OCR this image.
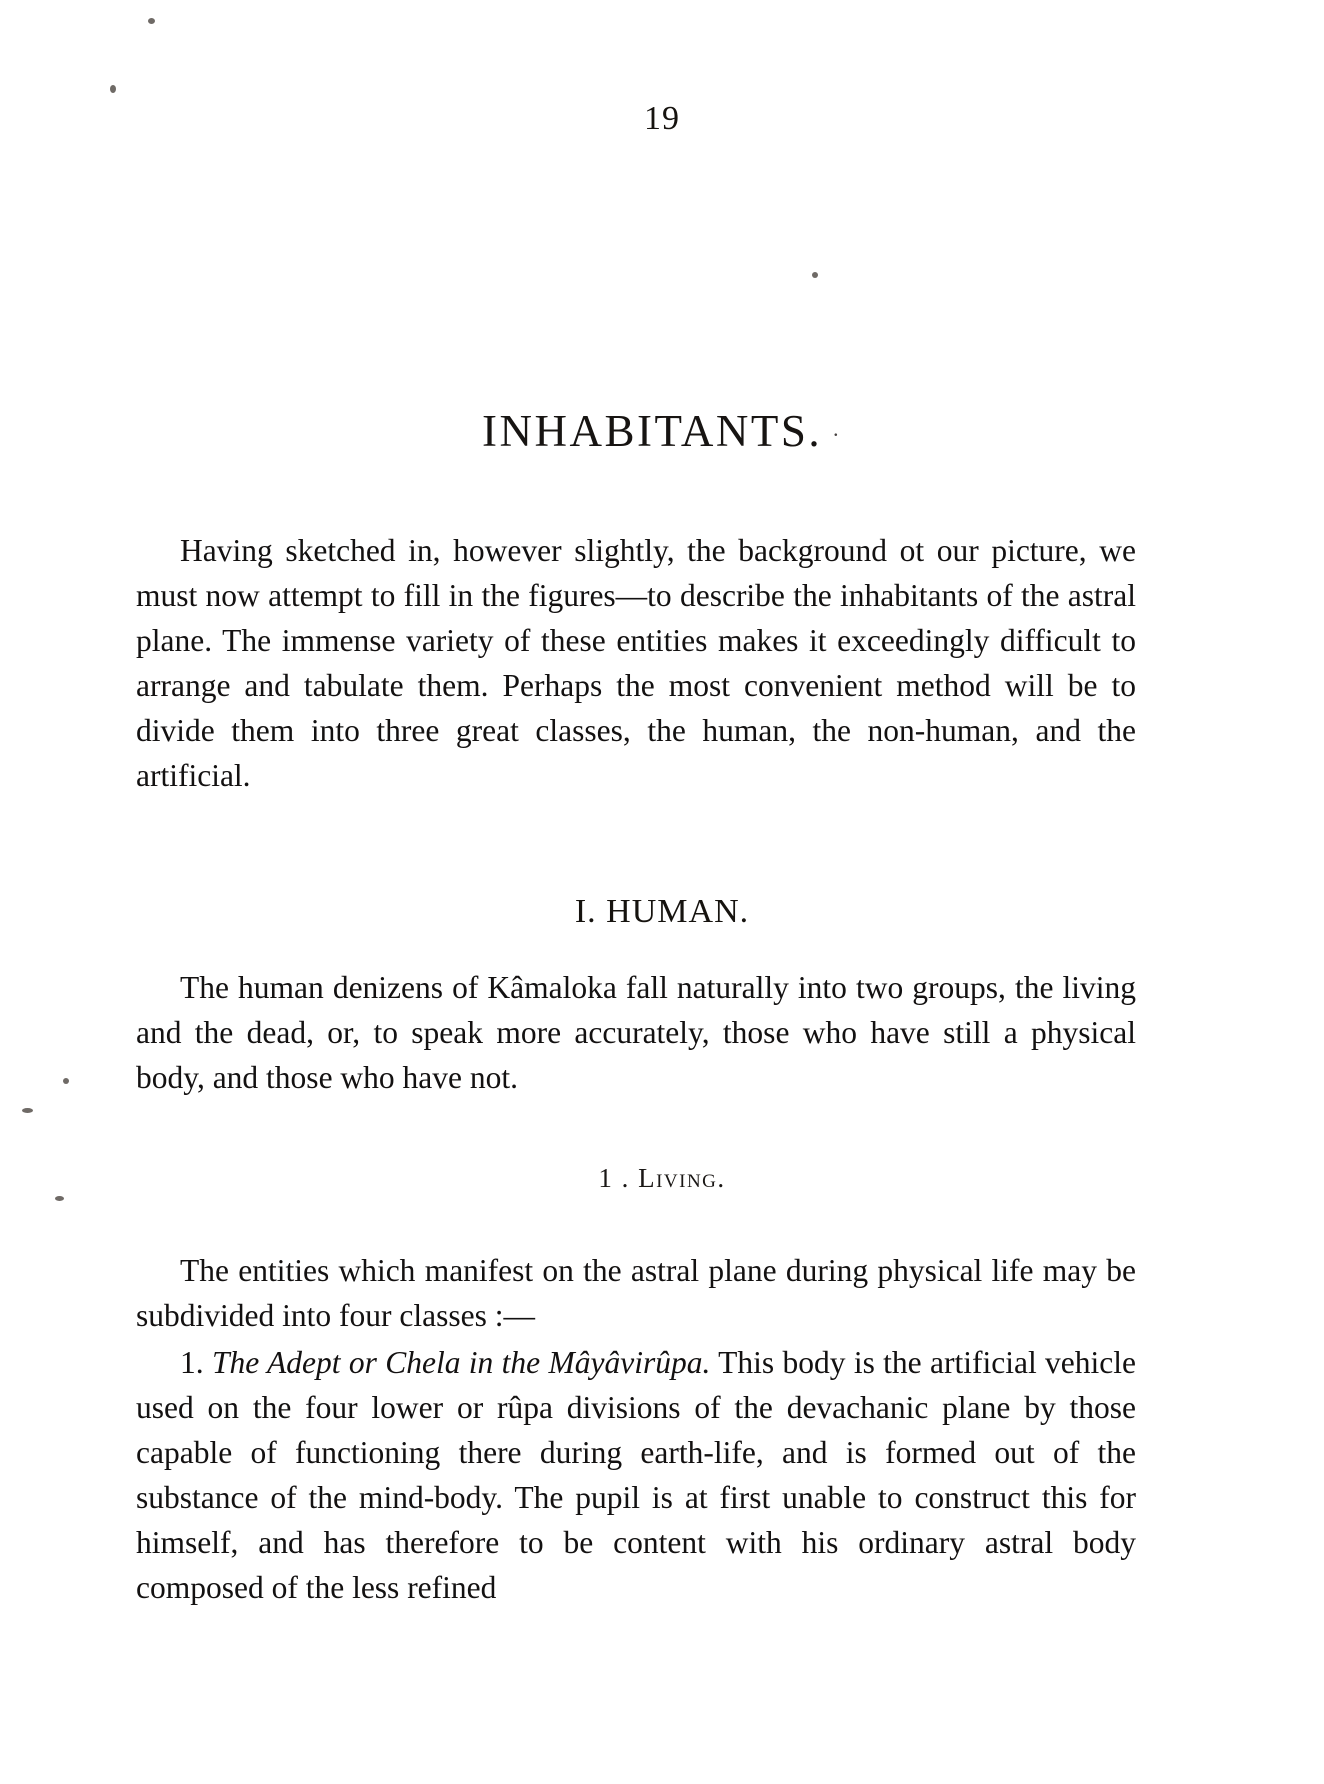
19
INHABITANTS. ·

Having sketched in, however slightly, the background ot our picture, we must now attempt to fill in the figures—to describe the inhabitants of the astral plane. The immense variety of these entities makes it exceedingly difficult to arrange and tabulate them. Perhaps the most convenient method will be to divide them into three great classes, the human, the non-human, and the artificial.

I. HUMAN.

The human denizens of Kâmaloka fall naturally into two groups, the living and the dead, or, to speak more accurately, those who have still a physical body, and those who have not.

1 . Living.

The entities which manifest on the astral plane during physical life may be subdivided into four classes :—

1. The Adept or Chela in the Mâyâvirûpa. This body is the artificial vehicle used on the four lower or rûpa divisions of the devachanic plane by those capable of functioning there during earth-life, and is formed out of the substance of the mind-body. The pupil is at first unable to construct this for himself, and has therefore to be content with his ordinary astral body composed of the less refined
